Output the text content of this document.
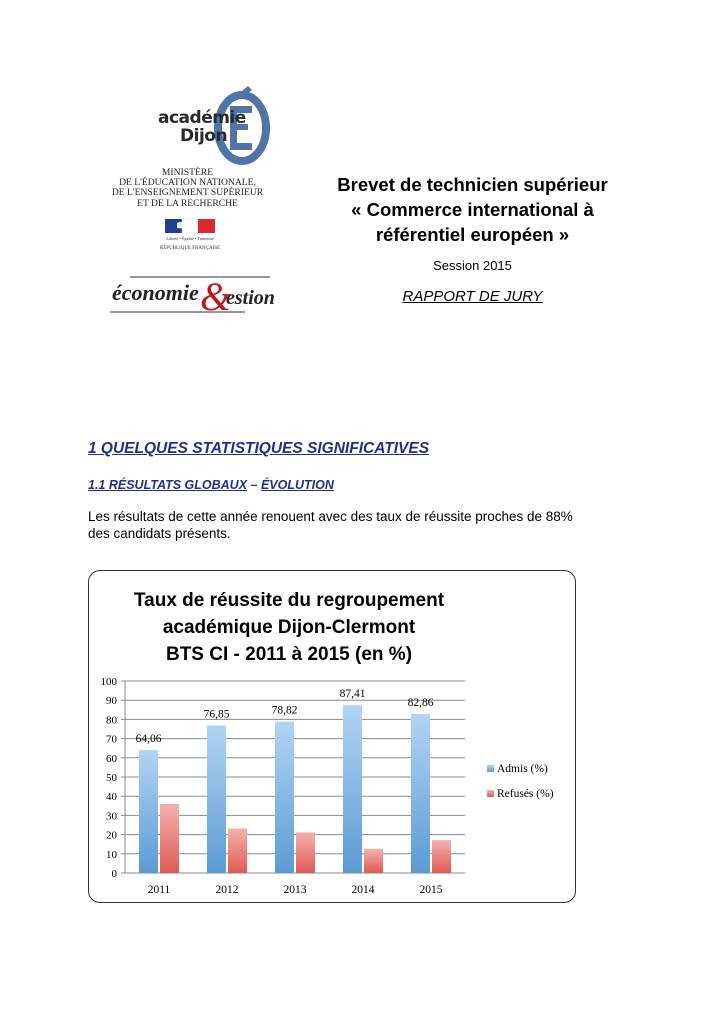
académie
Dijon
MINISTÈRE
DE L'ÉDUCATION NATIONALE,
DE L'ENSEIGNEMENT SUPÉRIEUR
ET DE LA RECHERCHE
Liberté • Égalité • Fraternité
RÉPUBLIQUE FRANÇAISE
économie &
estion
Brevet de technicien supérieur
« Commerce international à
référentiel européen »
Session 2015
RAPPORT DE JURY
1 QUELQUES STATISTIQUES SIGNIFICATIVES
1.1 RÉSULTATS GLOBAUX – ÉVOLUTION
Les résultats de cette année renouent avec des taux de réussite proches de 88%
des candidats présents.
Taux de réussite du regroupement
académique Dijon-Clermont
BTS CI - 2011 à 2015 (en %)
0
10
20
30
40
50
60
70
80
90
100
64,06
2011
76,85
2012
78,82
2013
87,41
2014
82,86
2015
Admis (%)
Refusés (%)
